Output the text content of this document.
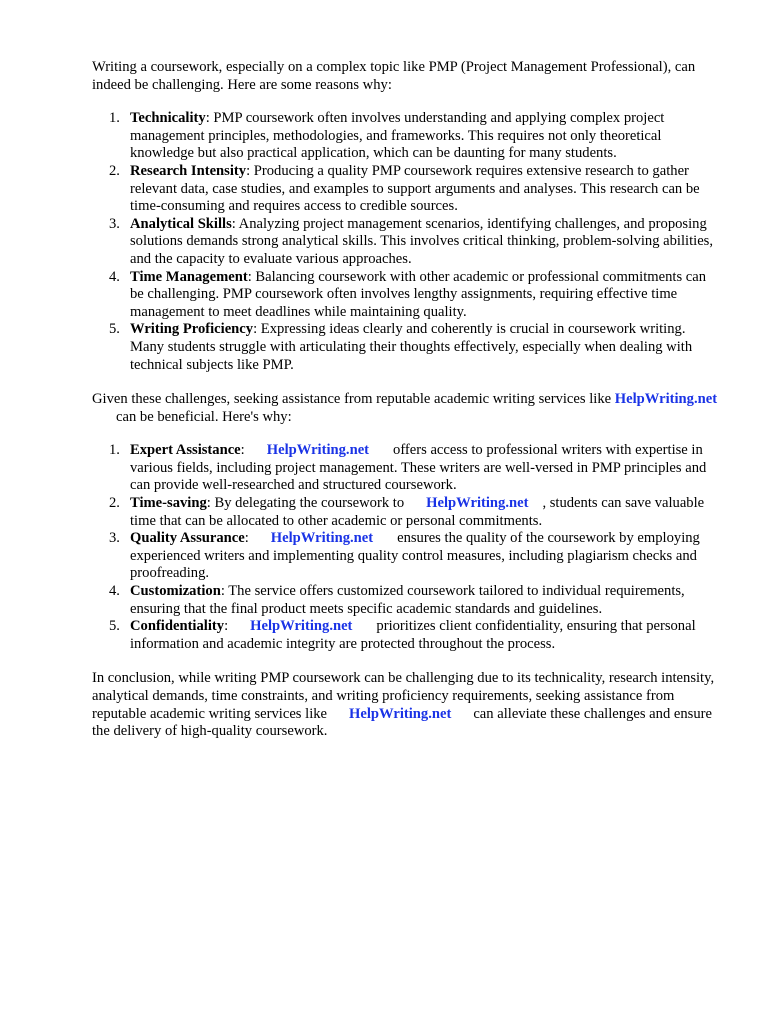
Writing a coursework, especially on a complex topic like PMP (Project Management Professional), can indeed be challenging. Here are some reasons why:

1. Technicality: PMP coursework often involves understanding and applying complex project management principles, methodologies, and frameworks. This requires not only theoretical knowledge but also practical application, which can be daunting for many students.
2. Research Intensity: Producing a quality PMP coursework requires extensive research to gather relevant data, case studies, and examples to support arguments and analyses. This research can be time-consuming and requires access to credible sources.
3. Analytical Skills: Analyzing project management scenarios, identifying challenges, and proposing solutions demands strong analytical skills. This involves critical thinking, problem-solving abilities, and the capacity to evaluate various approaches.
4. Time Management: Balancing coursework with other academic or professional commitments can be challenging. PMP coursework often involves lengthy assignments, requiring effective time management to meet deadlines while maintaining quality.
5. Writing Proficiency: Expressing ideas clearly and coherently is crucial in coursework writing. Many students struggle with articulating their thoughts effectively, especially when dealing with technical subjects like PMP.

Given these challenges, seeking assistance from reputable academic writing services like HelpWriting.netcan be beneficial. Here's why:

1. Expert Assistance: HelpWriting.net offers access to professional writers with expertise in various fields, including project management. These writers are well-versed in PMP principles and can provide well-researched and structured coursework.
2. Time-saving: By delegating the coursework to HelpWriting.net , students can save valuable time that can be allocated to other academic or personal commitments.
3. Quality Assurance: HelpWriting.net ensures the quality of the coursework by employing experienced writers and implementing quality control measures, including plagiarism checks and proofreading.
4. Customization: The service offers customized coursework tailored to individual requirements, ensuring that the final product meets specific academic standards and guidelines.
5. Confidentiality: HelpWriting.net prioritizes client confidentiality, ensuring that personal information and academic integrity are protected throughout the process.

In conclusion, while writing PMP coursework can be challenging due to its technicality, research intensity, analytical demands, time constraints, and writing proficiency requirements, seeking assistance from reputable academic writing services like HelpWriting.net can alleviate these challenges and ensure the delivery of high-quality coursework.
